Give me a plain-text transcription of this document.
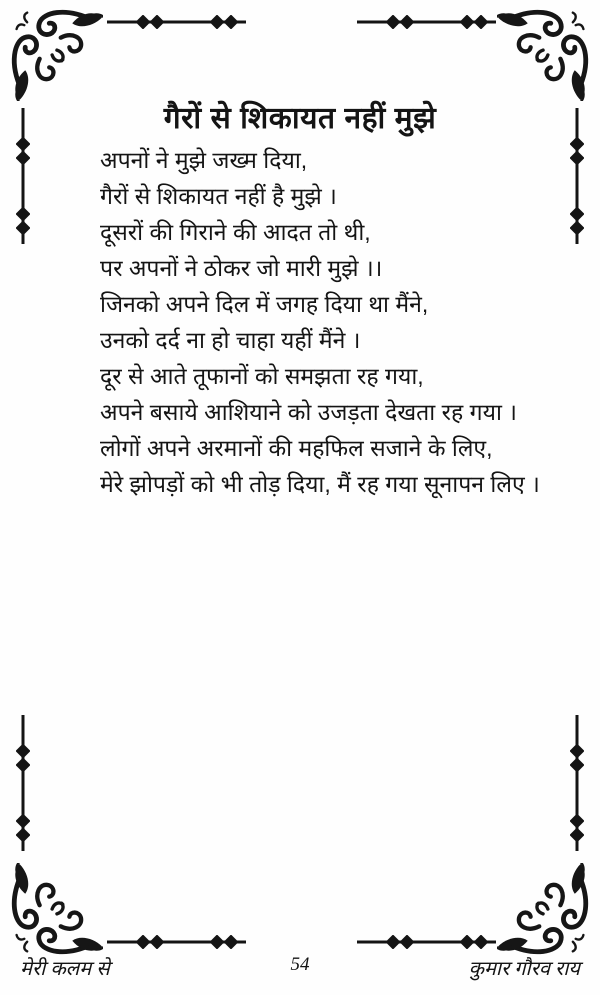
गैरों से शिकायत नहीं मुझे
अपनों ने मुझे जख्म दिया,
गैरों से शिकायत नहीं है मुझे ।
दूसरों की गिराने की आदत तो थी,
पर अपनों ने ठोकर जो मारी मुझे ।।
जिनको अपने दिल में जगह दिया था मैंने,
उनको दर्द ना हो चाहा यहीं मैंने ।
दूर से आते तूफानों को समझता रह गया,
अपने बसाये आशियाने को उजड़ता देखता रह गया ।
लोगों अपने अरमानों की महफिल सजाने के लिए,
मेरे झोपड़ों को भी तोड़ दिया, मैं रह गया सूनापन लिए ।
मेरी कलम से	54	कुमार गौरव राय
